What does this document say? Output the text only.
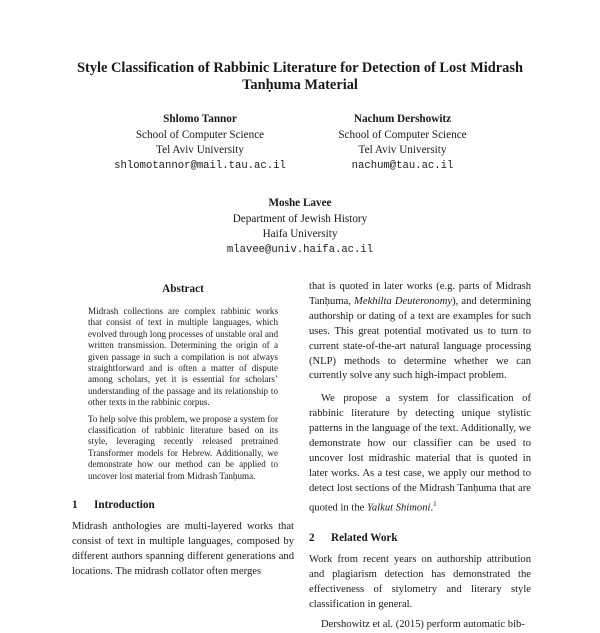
Style Classification of Rabbinic Literature for Detection of Lost Midrash
Tanḥuma Material
Shlomo Tannor
School of Computer Science
Tel Aviv University
shlomotannor@mail.tau.ac.il
Nachum Dershowitz
School of Computer Science
Tel Aviv University
nachum@tau.ac.il
Moshe Lavee
Department of Jewish History
Haifa University
mlavee@univ.haifa.ac.il
Abstract

Midrash collections are complex rabbinic works that consist of text in multiple languages, which evolved through long processes of unstable oral and written transmission. Determining the origin of a given passage in such a compilation is not always straightforward and is often a matter of dispute among scholars, yet it is essential for scholars’ understanding of the passage and its relationship to other texts in the rabbinic corpus.

To help solve this problem, we propose a system for classification of rabbinic literature based on its style, leveraging recently released pretrained Transformer models for Hebrew. Additionally, we demonstrate how our method can be applied to uncover lost material from Midrash Tanḥuma.

1	Introduction

Midrash anthologies are multi-layered works that consist of text in multiple languages, composed by different authors spanning different generations and locations. The midrash collator often merges

that is quoted in later works (e.g. parts of Midrash Tanḥuma, Mekhilta Deuteronomy), and determining authorship or dating of a text are examples for such uses. This great potential motivated us to turn to current state-of-the-art natural language processing (NLP) methods to determine whether we can currently solve any such high-impact problem.

We propose a system for classification of rabbinic literature by detecting unique stylistic patterns in the language of the text. Additionally, we demonstrate how our classifier can be used to uncover lost midrashic material that is quoted in later works. As a test case, we apply our method to detect lost sections of the Midrash Tanḥuma that are quoted in the Yalkut Shimoni.$^1$

2	Related Work

Work from recent years on authorship attribution and plagiarism detection has demonstrated the effectiveness of stylometry and literary style classification in general.

Dershowitz et al. (2015) perform automatic bib-
